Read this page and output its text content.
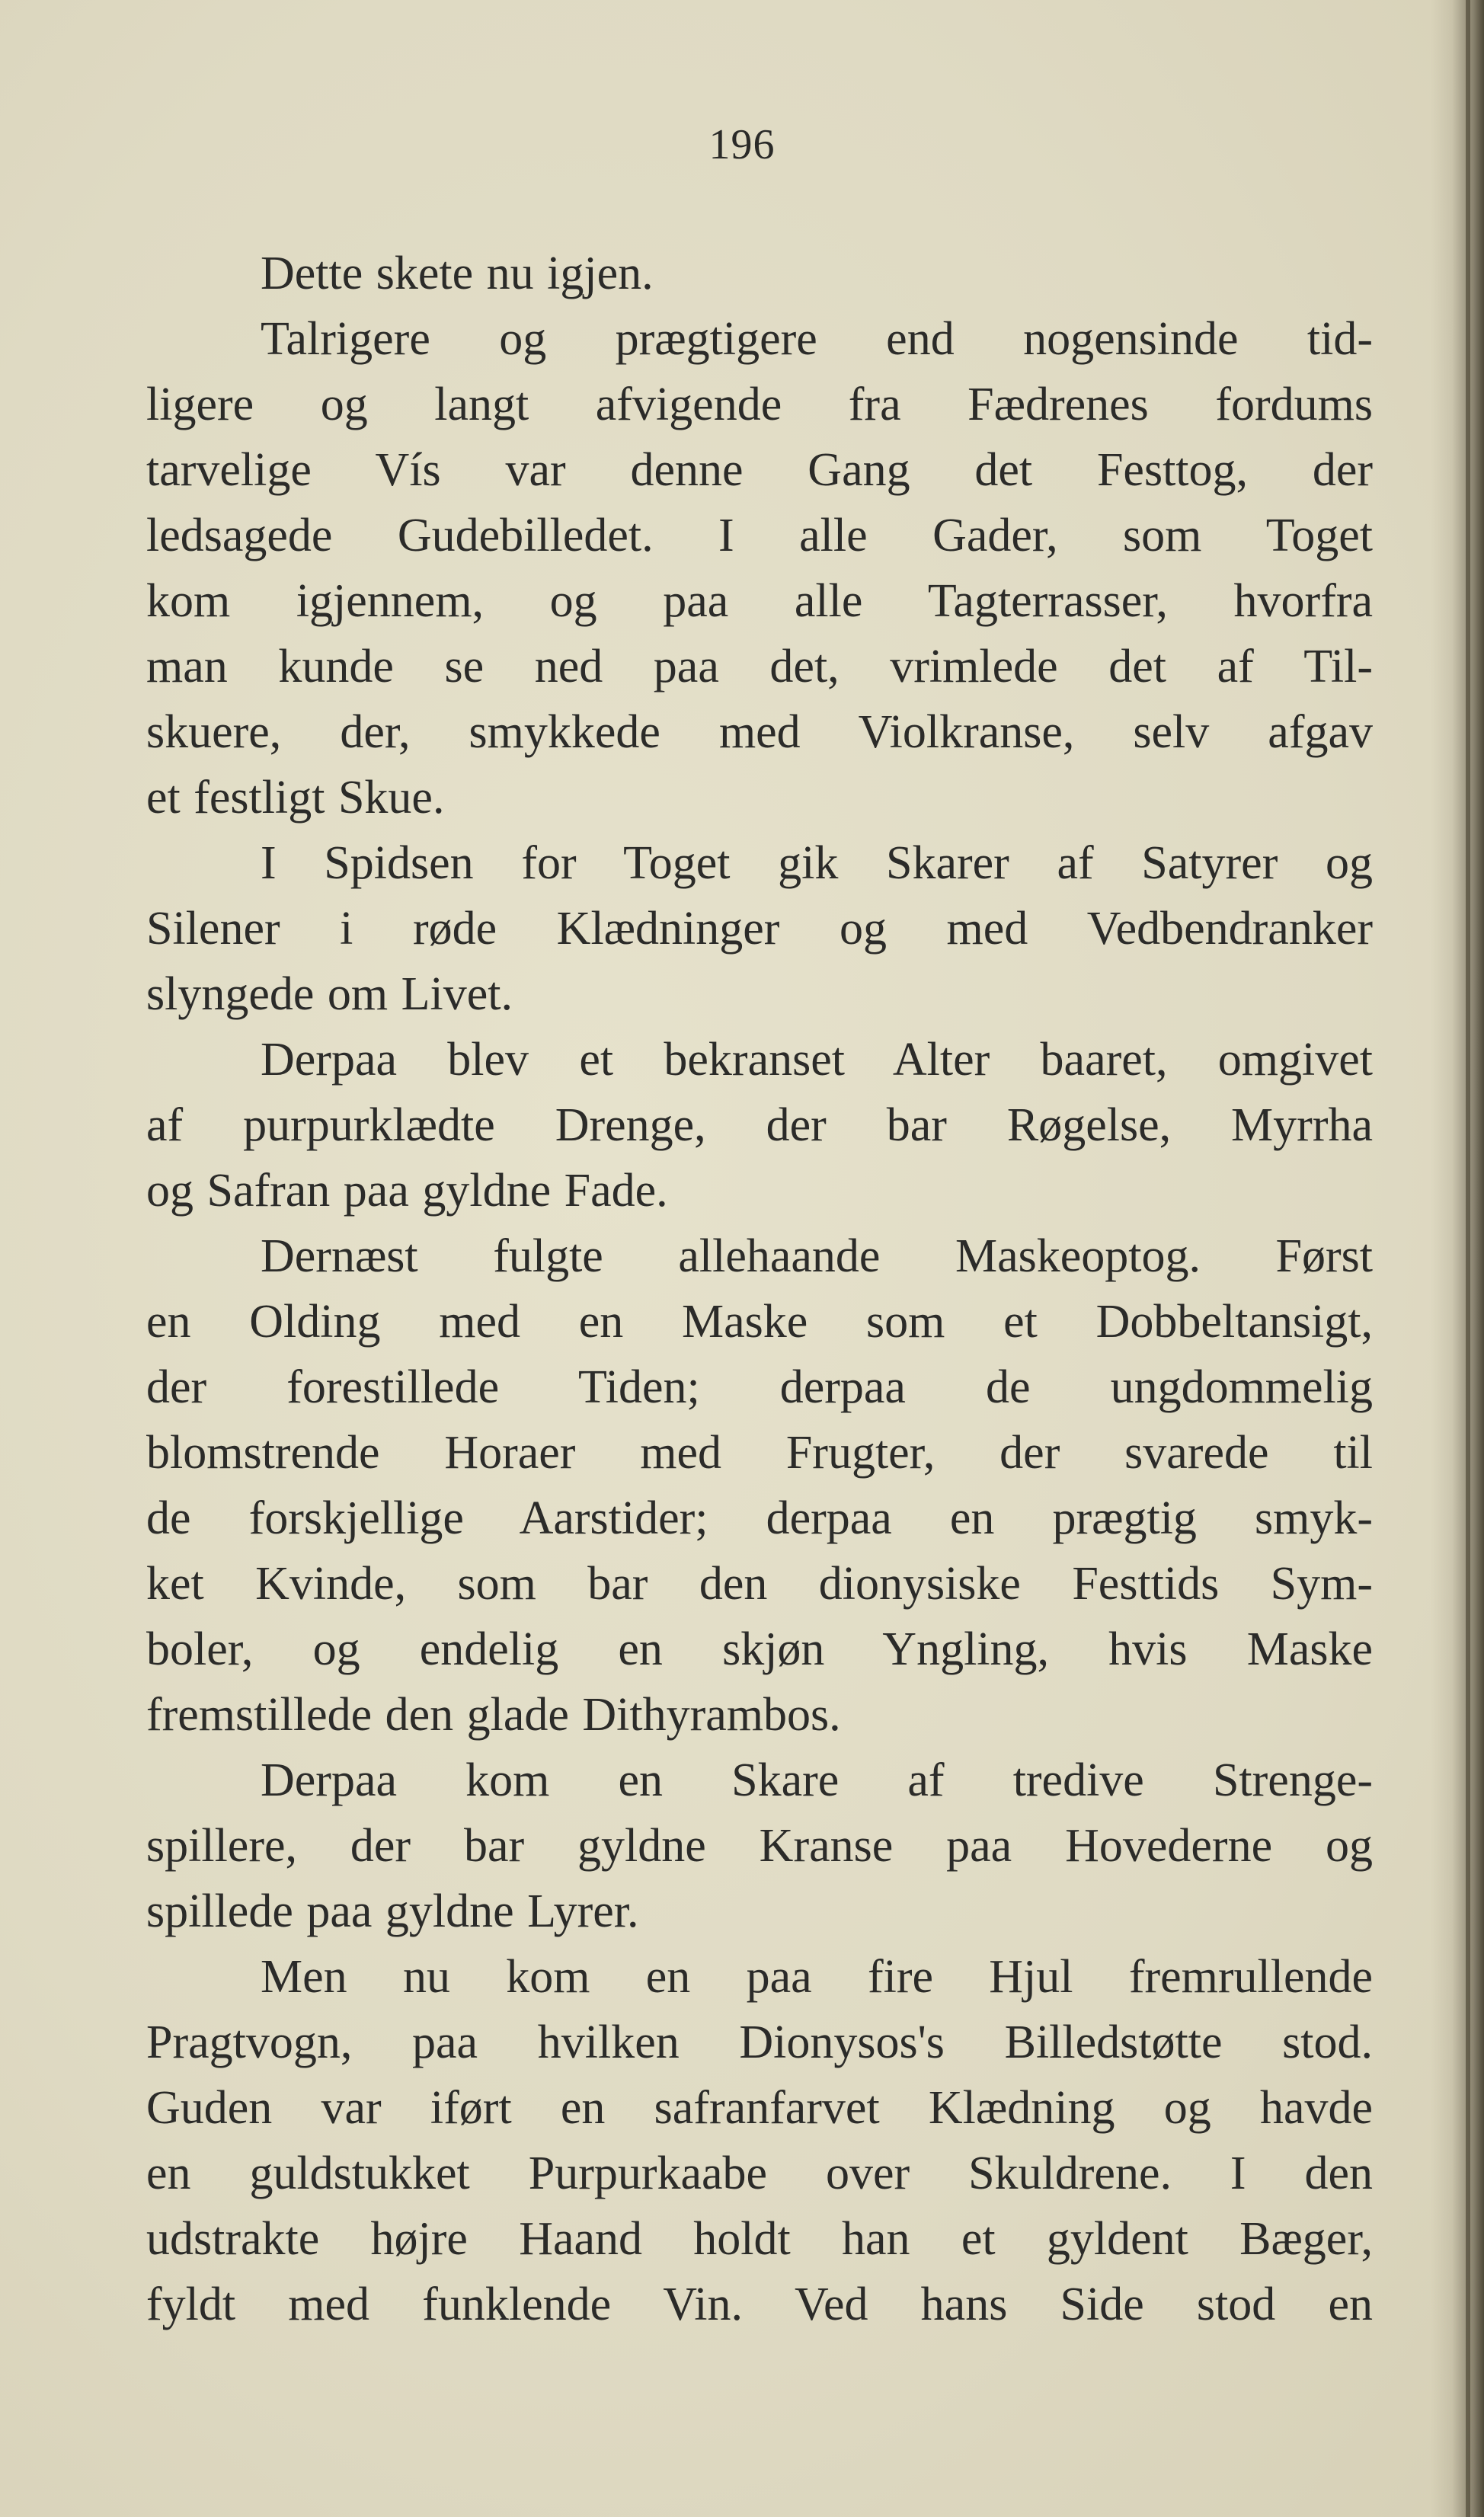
196
Dette skete nu igjen.
Talrigere og prægtigere end nogensinde tid-
ligere og langt afvigende fra Fædrenes fordums
tarvelige Vís var denne Gang det Festtog, der
ledsagede Gudebilledet. I alle Gader, som Toget
kom igjennem, og paa alle Tagterrasser, hvorfra
man kunde se ned paa det, vrimlede det af Til-
skuere, der, smykkede med Violkranse, selv afgav
et festligt Skue.
I Spidsen for Toget gik Skarer af Satyrer og
Silener i røde Klædninger og med Vedbendranker
slyngede om Livet.
Derpaa blev et bekranset Alter baaret, omgivet
af purpurklædte Drenge, der bar Røgelse, Myrrha
og Safran paa gyldne Fade.
Dernæst fulgte allehaande Maskeoptog. Først
en Olding med en Maske som et Dobbeltansigt,
der forestillede Tiden; derpaa de ungdommelig
blomstrende Horaer med Frugter, der svarede til
de forskjellige Aarstider; derpaa en prægtig smyk-
ket Kvinde, som bar den dionysiske Festtids Sym-
boler, og endelig en skjøn Yngling, hvis Maske
fremstillede den glade Dithyrambos.
Derpaa kom en Skare af tredive Strenge-
spillere, der bar gyldne Kranse paa Hovederne og
spillede paa gyldne Lyrer.
Men nu kom en paa fire Hjul fremrullende
Pragtvogn, paa hvilken Dionysos's Billedstøtte stod.
Guden var iført en safranfarvet Klædning og havde
en guldstukket Purpurkaabe over Skuldrene. I den
udstrakte højre Haand holdt han et gyldent Bæger,
fyldt med funklende Vin. Ved hans Side stod en
